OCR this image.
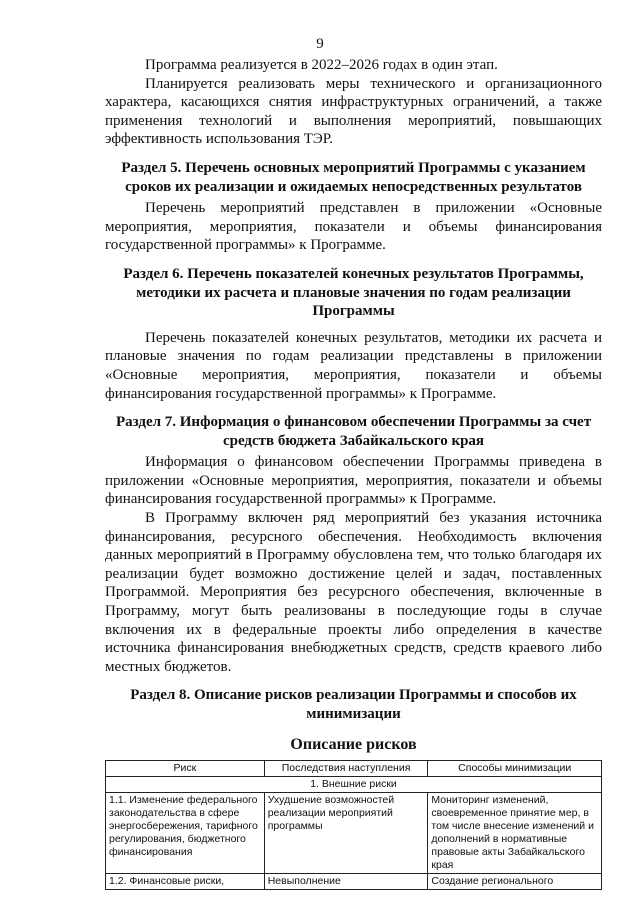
9

Программа реализуется в 2022–2026 годах в один этап.

Планируется реализовать меры технического и организационного характера, касающихся снятия инфраструктурных ограничений, а также применения технологий и выполнения мероприятий, повышающих эффективность использования ТЭР.

Раздел 5. Перечень основных мероприятий Программы с указанием сроков их реализации и ожидаемых непосредственных результатов

Перечень мероприятий представлен в приложении «Основные мероприятия, мероприятия, показатели и объемы финансирования государственной программы» к Программе.

Раздел 6. Перечень показателей конечных результатов Программы, методики их расчета и плановые значения по годам реализации Программы

Перечень показателей конечных результатов, методики их расчета и плановые значения по годам реализации представлены в приложении «Основные мероприятия, мероприятия, показатели и объемы финансирования государственной программы» к Программе.

Раздел 7. Информация о финансовом обеспечении Программы за счет средств бюджета Забайкальского края

Информация о финансовом обеспечении Программы приведена в приложении «Основные мероприятия, мероприятия, показатели и объемы финансирования государственной программы» к Программе.

В Программу включен ряд мероприятий без указания источника финансирования, ресурсного обеспечения. Необходимость включения данных мероприятий в Программу обусловлена тем, что только благодаря их реализации будет возможно достижение целей и задач, поставленных Программой. Мероприятия без ресурсного обеспечения, включенные в Программу, могут быть реализованы в последующие годы в случае включения их в федеральные проекты либо определения в качестве источника финансирования внебюджетных средств, средств краевого либо местных бюджетов.

Раздел 8. Описание рисков реализации Программы и способов их минимизации
Описание рисков
Риск	Последствия наступления	Способы минимизации
1. Внешние риски		
1.1. Изменение федерального законодательства в сфере энергосбережения, тарифного регулирования, бюджетного финансирования	Ухудшение возможностей реализации мероприятий программы	Мониторинг изменений, своевременное принятие мер, в том числе внесение изменений и дополнений в нормативные правовые акты Забайкальского края
1.2. Финансовые риски,	Невыполнение	Создание регионального
